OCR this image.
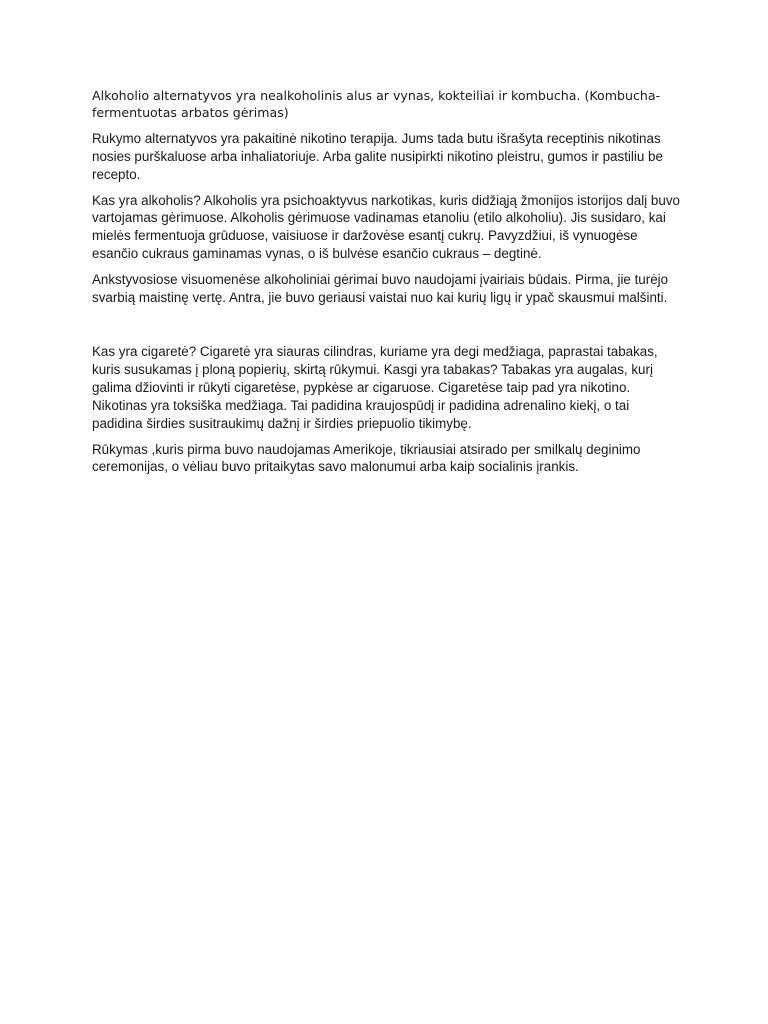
Alkoholio alternatyvos yra nealkoholinis alus ar vynas, kokteiliai ir kombucha. (Kombucha- fermentuotas arbatos gėrimas)

Rukymo alternatyvos yra pakaitinė nikotino terapija. Jums tada butu išrašyta receptinis nikotinas nosies purškaluose arba inhaliatoriuje. Arba galite nusipirkti nikotino pleistru, gumos ir pastiliu be recepto.

Kas yra alkoholis? Alkoholis yra psichoaktyvus narkotikas, kuris didžiąją žmonijos istorijos dalį buvo vartojamas gėrimuose. Alkoholis gėrimuose vadinamas etanoliu (etilo alkoholiu). Jis susidaro, kai mielės fermentuoja grūduose, vaisiuose ir daržovėse esantį cukrų. Pavyzdžiui, iš vynuogėse esančio cukraus gaminamas vynas, o iš bulvėse esančio cukraus – degtinė.

Ankstyvosiose visuomenėse alkoholiniai gėrimai buvo naudojami įvairiais būdais. Pirma, jie turėjo svarbią maistinę vertę. Antra, jie buvo geriausi vaistai nuo kai kurių ligų ir ypač skausmui malšinti.

Kas yra cigaretė? Cigaretė yra siauras cilindras, kuriame yra degi medžiaga, paprastai tabakas, kuris susukamas į ploną popierių, skirtą rūkymui. Kasgi yra tabakas? Tabakas yra augalas, kurį galima džiovinti ir rūkyti cigaretėse, pypkėse ar cigaruose. Cigaretėse taip pad yra nikotino. Nikotinas yra toksiška medžiaga. Tai padidina kraujospūdį ir padidina adrenalino kiekį, o tai padidina širdies susitraukimų dažnį ir širdies priepuolio tikimybę.

Rūkymas ,kuris pirma buvo naudojamas Amerikoje, tikriausiai atsirado per smilkalų deginimo ceremonijas, o vėliau buvo pritaikytas savo malonumui arba kaip socialinis įrankis.
